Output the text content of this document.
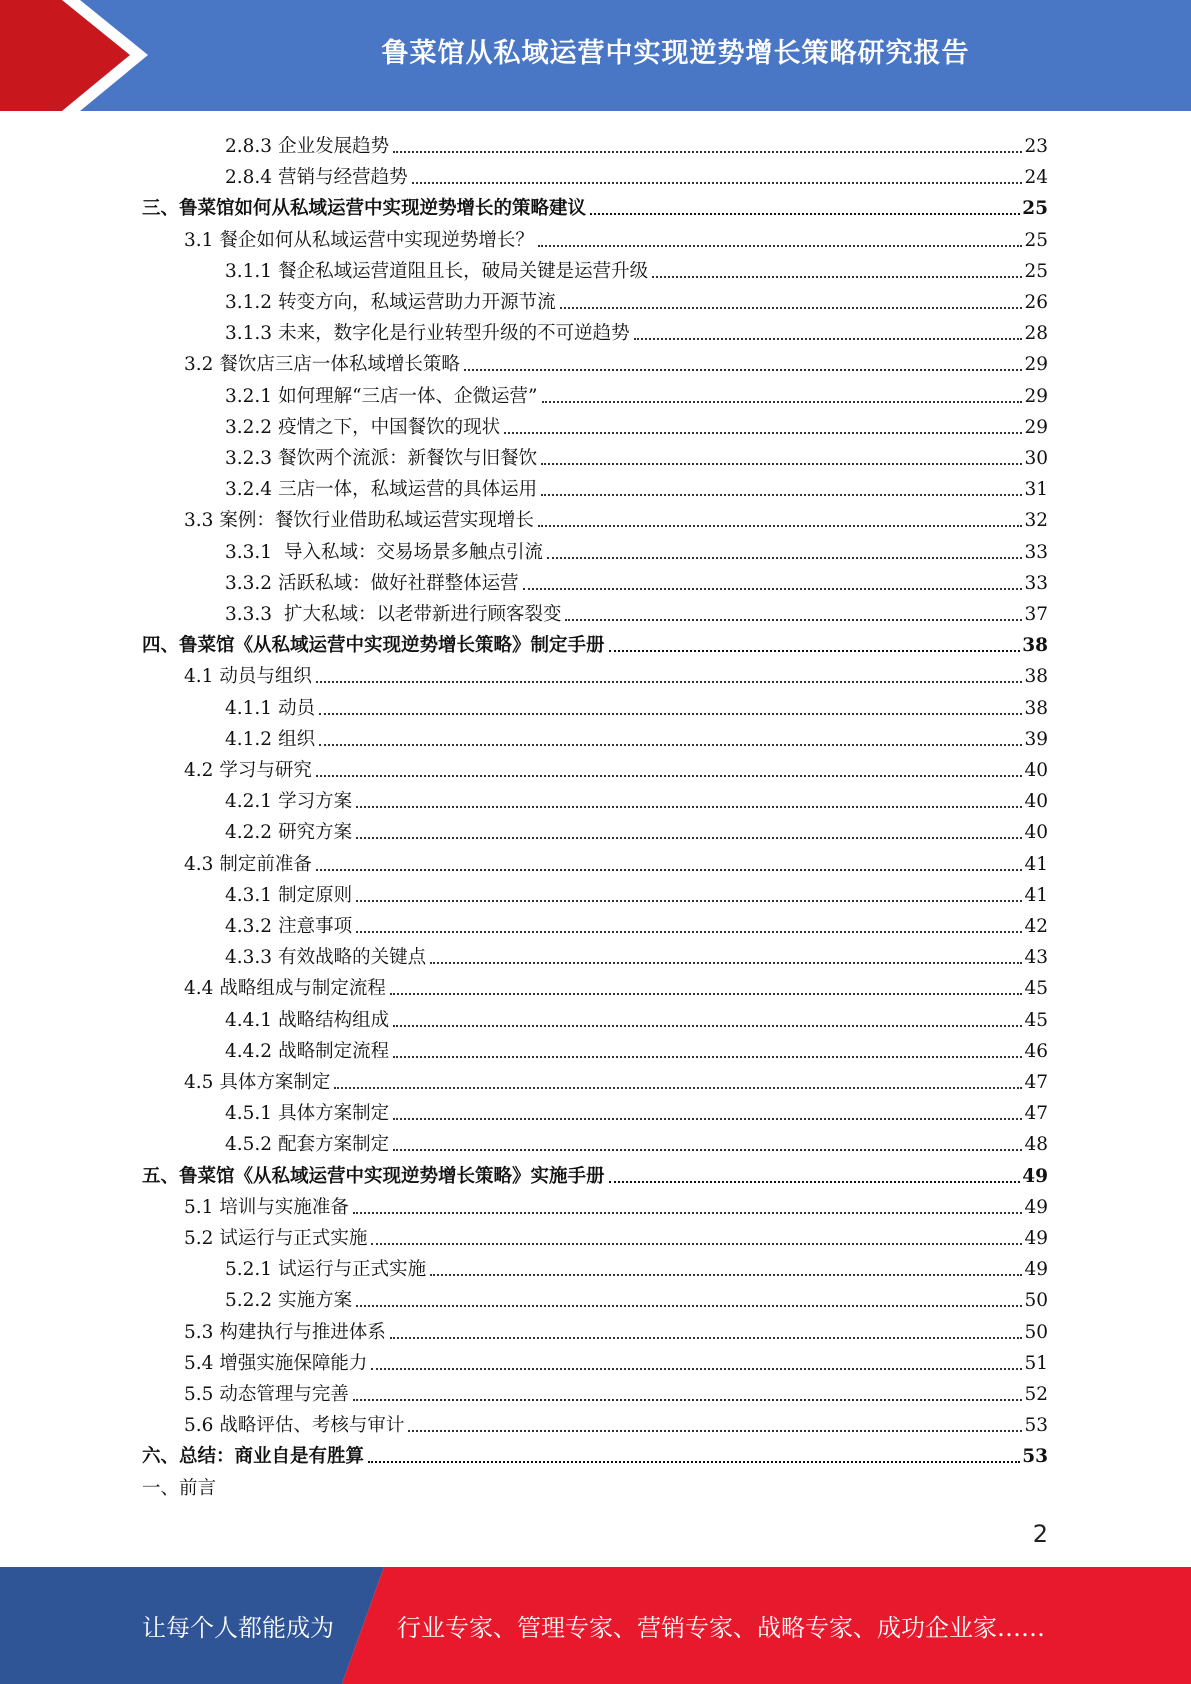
鲁菜馆从私域运营中实现逆势增长策略研究报告
2.8.3 企业发展趋势	23
2.8.4 营销与经营趋势	24
三、鲁菜馆如何从私域运营中实现逆势增长的策略建议	25
3.1 餐企如何从私域运营中实现逆势增长？	25
3.1.1 餐企私域运营道阻且长，破局关键是运营升级	25
3.1.2 转变方向，私域运营助力开源节流	26
3.1.3 未来，数字化是行业转型升级的不可逆趋势	28
3.2 餐饮店三店一体私域增长策略	29
3.2.1 如何理解“三店一体、企微运营”	29
3.2.2 疫情之下，中国餐饮的现状	29
3.2.3 餐饮两个流派：新餐饮与旧餐饮	30
3.2.4 三店一体，私域运营的具体运用	31
3.3 案例：餐饮行业借助私域运营实现增长	32
3.3.1 导入私域：交易场景多触点引流	33
3.3.2 活跃私域：做好社群整体运营	33
3.3.3 扩大私域：以老带新进行顾客裂变	37
四、鲁菜馆《从私域运营中实现逆势增长策略》制定手册	38
4.1 动员与组织	38
4.1.1 动员	38
4.1.2 组织	39
4.2 学习与研究	40
4.2.1 学习方案	40
4.2.2 研究方案	40
4.3 制定前准备	41
4.3.1 制定原则	41
4.3.2 注意事项	42
4.3.3 有效战略的关键点	43
4.4 战略组成与制定流程	45
4.4.1 战略结构组成	45
4.4.2 战略制定流程	46
4.5 具体方案制定	47
4.5.1 具体方案制定	47
4.5.2 配套方案制定	48
五、鲁菜馆《从私域运营中实现逆势增长策略》实施手册	49
5.1 培训与实施准备	49
5.2 试运行与正式实施	49
5.2.1 试运行与正式实施	49
5.2.2 实施方案	50
5.3 构建执行与推进体系	50
5.4 增强实施保障能力	51
5.5 动态管理与完善	52
5.6 战略评估、考核与审计	53
六、总结：商业自是有胜算	53
一、前言
2
让每个人都能成为	行业专家、管理专家、营销专家、战略专家、成功企业家……
